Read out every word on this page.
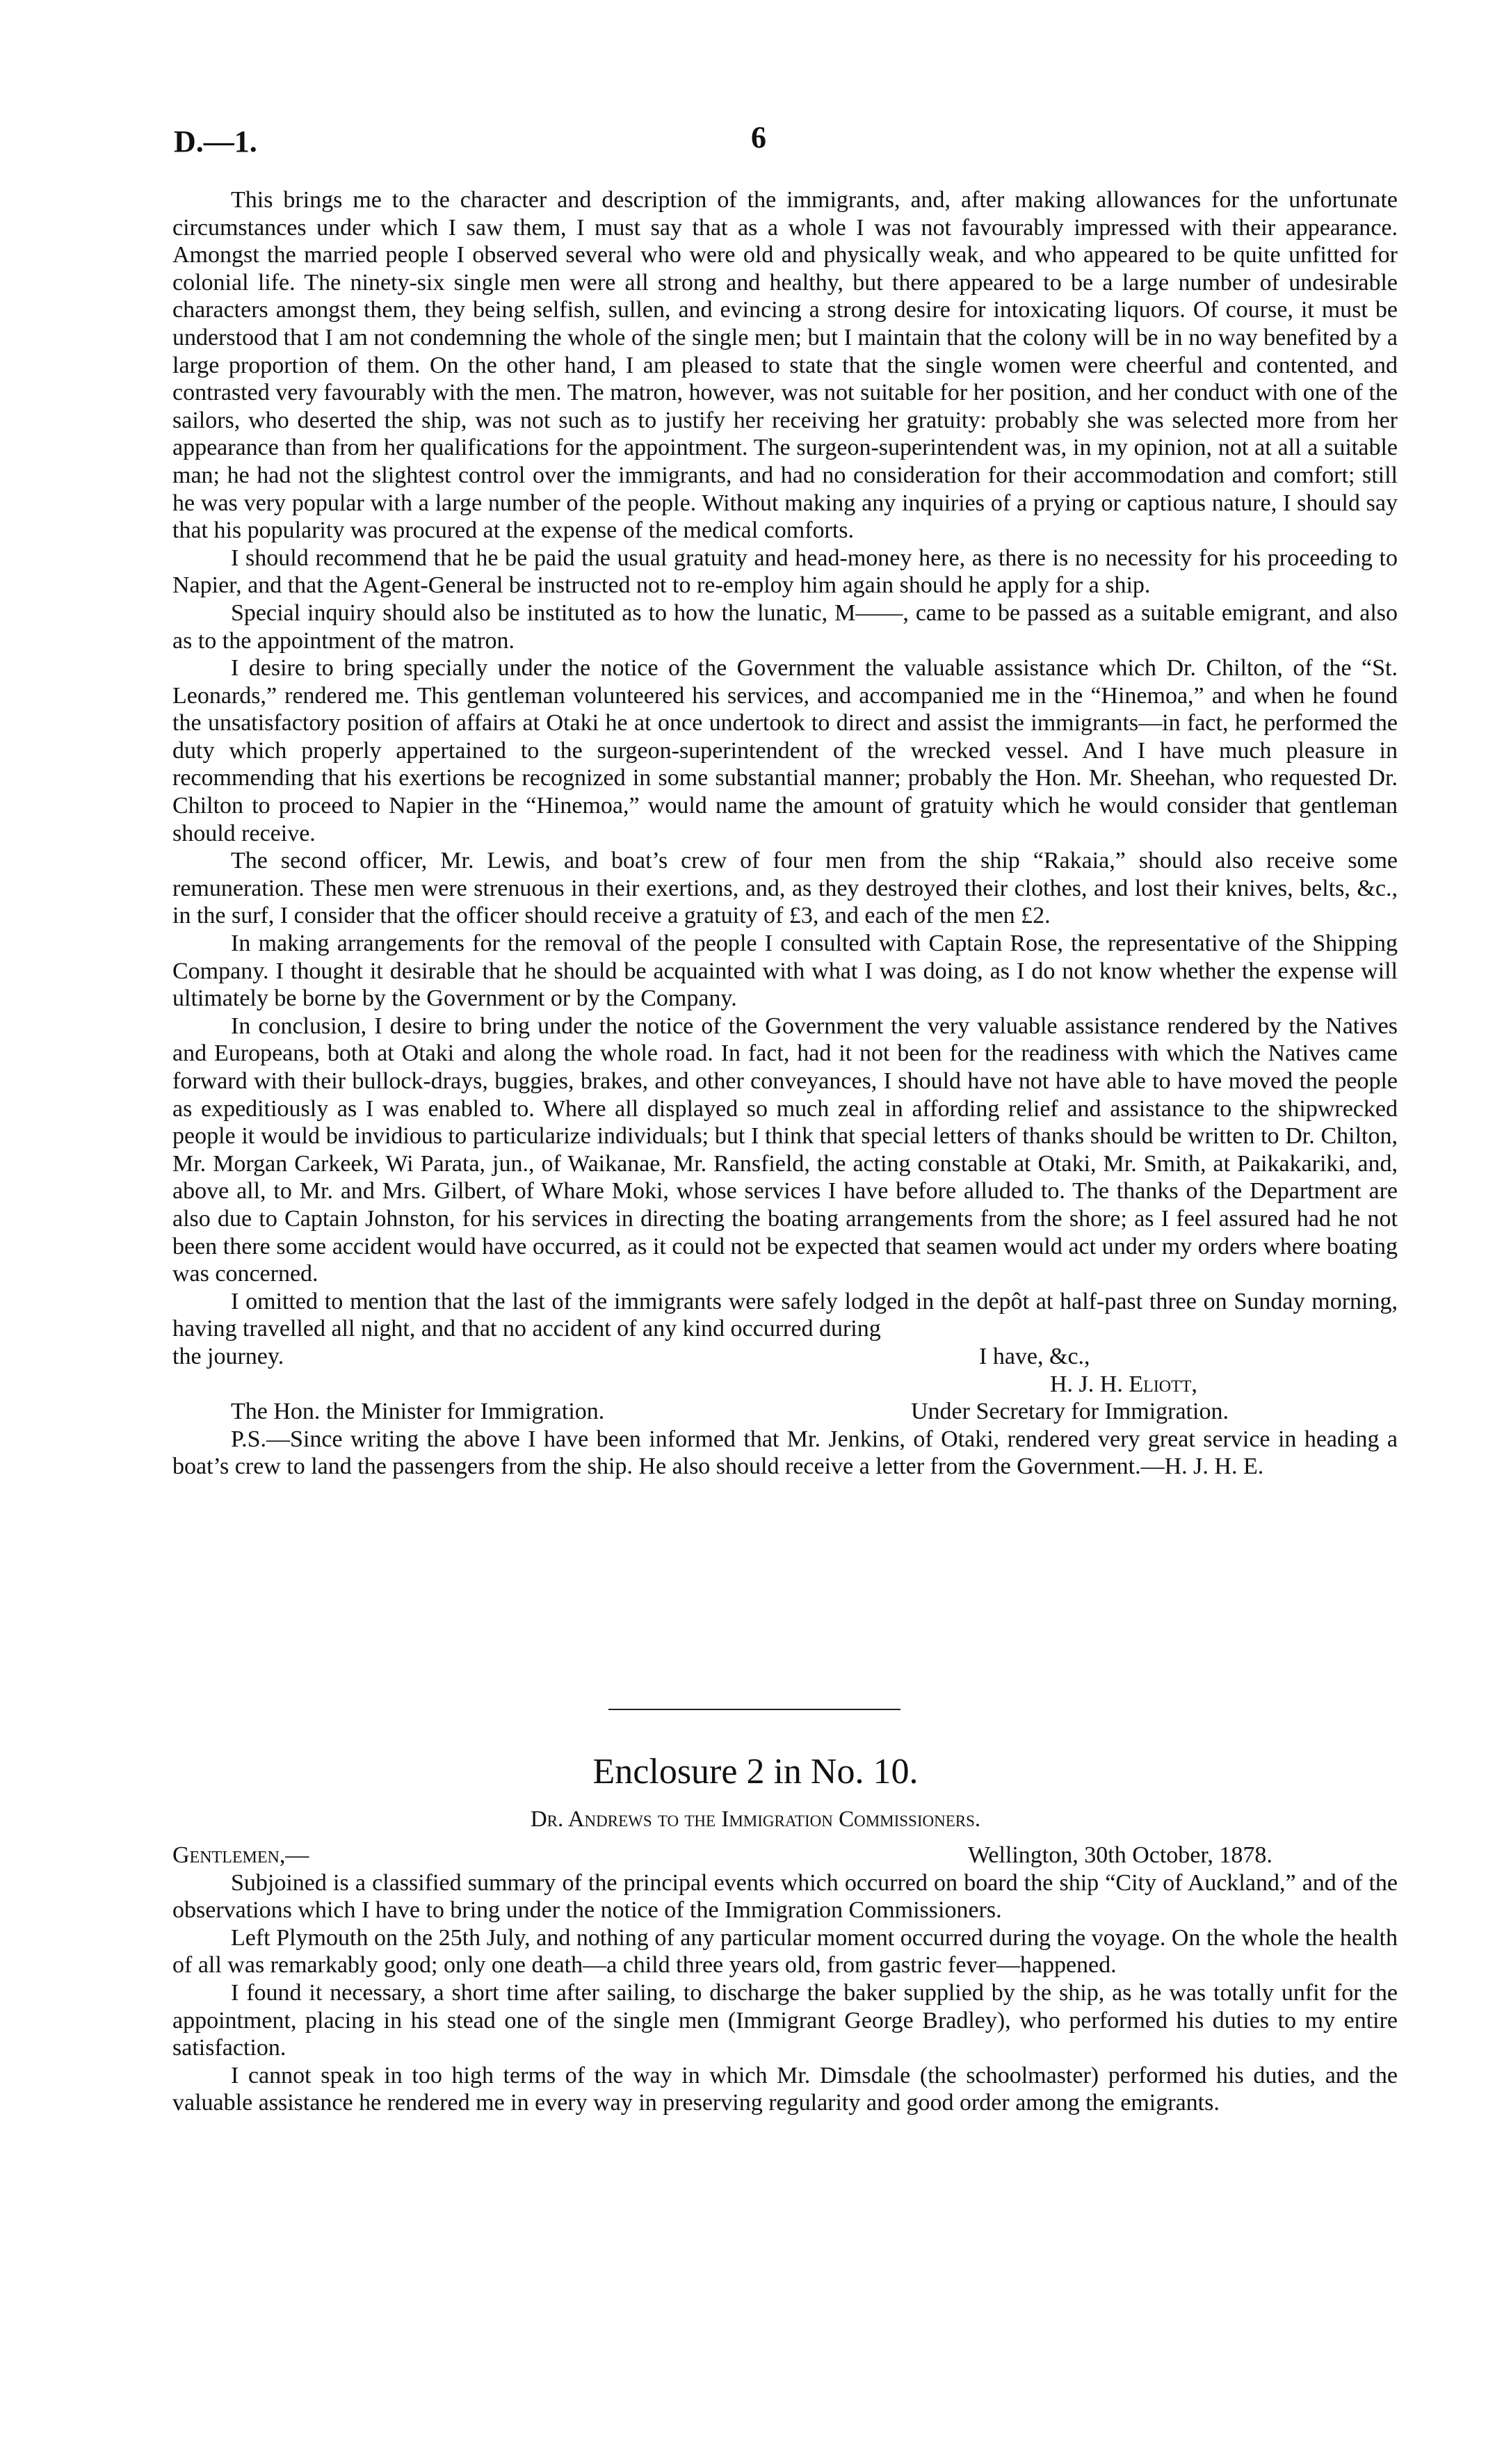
D.—1.	6

This brings me to the character and description of the immigrants, and, after making allowances for the unfortunate circumstances under which I saw them, I must say that as a whole I was not favourably impressed with their appearance. Amongst the married people I observed several who were old and physically weak, and who appeared to be quite unfitted for colonial life. The ninety-six single men were all strong and healthy, but there appeared to be a large number of undesirable characters amongst them, they being selfish, sullen, and evincing a strong desire for intoxicating liquors. Of course, it must be understood that I am not condemning the whole of the single men; but I maintain that the colony will be in no way benefited by a large proportion of them. On the other hand, I am pleased to state that the single women were cheerful and contented, and contrasted very favourably with the men. The matron, however, was not suitable for her position, and her conduct with one of the sailors, who deserted the ship, was not such as to justify her receiving her gratuity: probably she was selected more from her appearance than from her qualifications for the appointment. The surgeon-superintendent was, in my opinion, not at all a suitable man; he had not the slightest control over the immigrants, and had no consideration for their accommodation and comfort; still he was very popular with a large number of the people. Without making any inquiries of a prying or captious nature, I should say that his popularity was procured at the expense of the medical comforts.

I should recommend that he be paid the usual gratuity and head-money here, as there is no necessity for his proceeding to Napier, and that the Agent-General be instructed not to re-employ him again should he apply for a ship.

Special inquiry should also be instituted as to how the lunatic, M——, came to be passed as a suitable emigrant, and also as to the appointment of the matron.

I desire to bring specially under the notice of the Government the valuable assistance which Dr. Chilton, of the “St. Leonards,” rendered me. This gentleman volunteered his services, and accompanied me in the “Hinemoa,” and when he found the unsatisfactory position of affairs at Otaki he at once undertook to direct and assist the immigrants—in fact, he performed the duty which properly appertained to the surgeon-superintendent of the wrecked vessel. And I have much pleasure in recommending that his exertions be recognized in some substantial manner; probably the Hon. Mr. Sheehan, who requested Dr. Chilton to proceed to Napier in the “Hinemoa,” would name the amount of gratuity which he would consider that gentleman should receive.

The second officer, Mr. Lewis, and boat’s crew of four men from the ship “Rakaia,” should also receive some remuneration. These men were strenuous in their exertions, and, as they destroyed their clothes, and lost their knives, belts, &c., in the surf, I consider that the officer should receive a gratuity of £3, and each of the men £2.

In making arrangements for the removal of the people I consulted with Captain Rose, the representative of the Shipping Company. I thought it desirable that he should be acquainted with what I was doing, as I do not know whether the expense will ultimately be borne by the Government or by the Company.

In conclusion, I desire to bring under the notice of the Government the very valuable assistance rendered by the Natives and Europeans, both at Otaki and along the whole road. In fact, had it not been for the readiness with which the Natives came forward with their bullock-drays, buggies, brakes, and other conveyances, I should have not have able to have moved the people as expeditiously as I was enabled to. Where all displayed so much zeal in affording relief and assistance to the shipwrecked people it would be invidious to particularize individuals; but I think that special letters of thanks should be written to Dr. Chilton, Mr. Morgan Carkeek, Wi Parata, jun., of Waikanae, Mr. Ransfield, the acting constable at Otaki, Mr. Smith, at Paikakariki, and, above all, to Mr. and Mrs. Gilbert, of Whare Moki, whose services I have before alluded to. The thanks of the Department are also due to Captain Johnston, for his services in directing the boating arrangements from the shore; as I feel assured had he not been there some accident would have occurred, as it could not be expected that seamen would act under my orders where boating was concerned.

I omitted to mention that the last of the immigrants were safely lodged in the depôt at half-past three on Sunday morning, having travelled all night, and that no accident of any kind occurred during

the journey.	I have, &c.,
H. J. H. Eliott,
The Hon. the Minister for Immigration.	Under Secretary for Immigration.

P.S.—Since writing the above I have been informed that Mr. Jenkins, of Otaki, rendered very great service in heading a boat’s crew to land the passengers from the ship. He also should receive a letter from the Government.—H. J. H. E.

Enclosure 2 in No. 10.
Dr. Andrews to the Immigration Commissioners.
Gentlemen,—	Wellington, 30th October, 1878.

Subjoined is a classified summary of the principal events which occurred on board the ship “City of Auckland,” and of the observations which I have to bring under the notice of the Immigration Commissioners.

Left Plymouth on the 25th July, and nothing of any particular moment occurred during the voyage. On the whole the health of all was remarkably good; only one death—a child three years old, from gastric fever—happened.

I found it necessary, a short time after sailing, to discharge the baker supplied by the ship, as he was totally unfit for the appointment, placing in his stead one of the single men (Immigrant George Bradley), who performed his duties to my entire satisfaction.

I cannot speak in too high terms of the way in which Mr. Dimsdale (the schoolmaster) performed his duties, and the valuable assistance he rendered me in every way in preserving regularity and good order among the emigrants.
